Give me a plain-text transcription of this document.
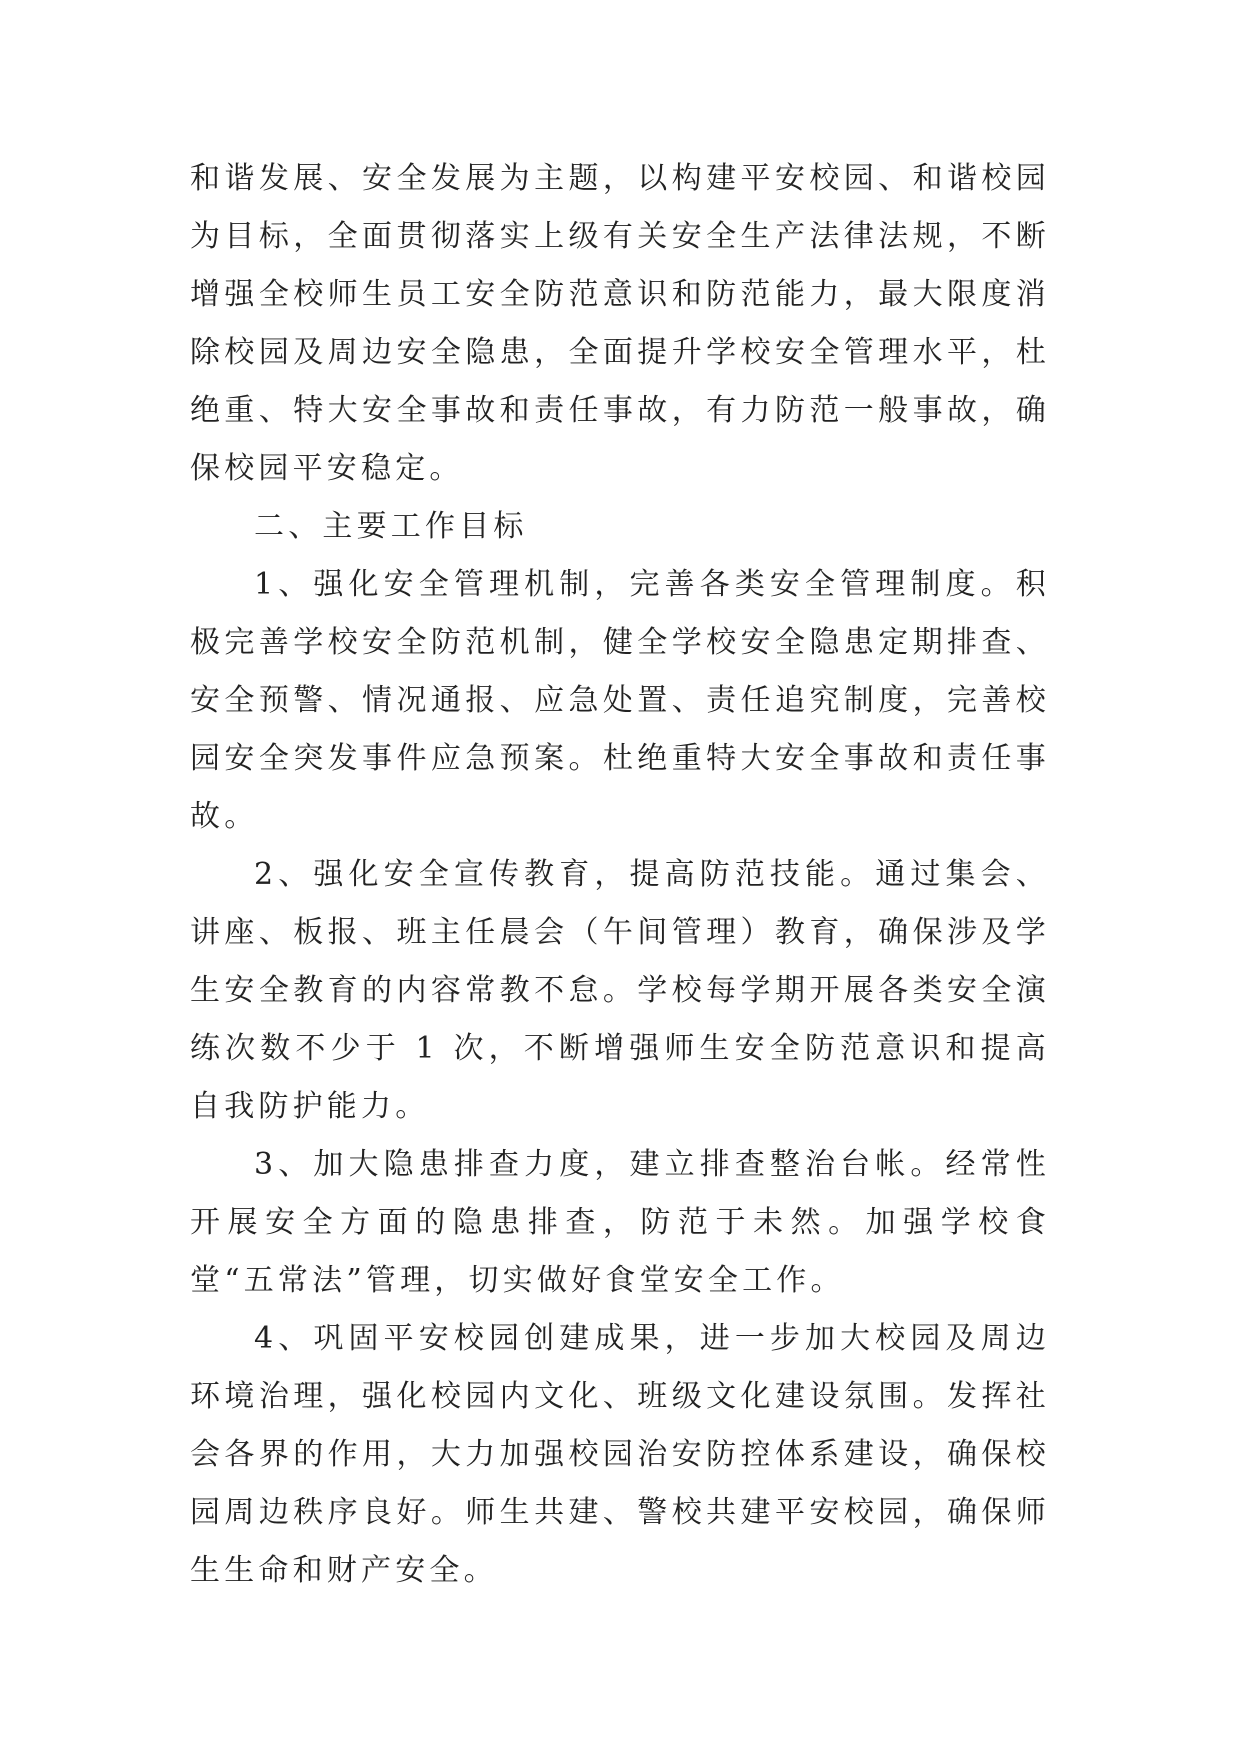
和谐发展、安全发展为主题，以构建平安校园、和谐校园为目标，全面贯彻落实上级有关安全生产法律法规，不断增强全校师生员工安全防范意识和防范能力，最大限度消除校园及周边安全隐患，全面提升学校安全管理水平，杜绝重、特大安全事故和责任事故，有力防范一般事故，确保校园平安稳定。

二、主要工作目标

1、强化安全管理机制，完善各类安全管理制度。积极完善学校安全防范机制，健全学校安全隐患定期排查、安全预警、情况通报、应急处置、责任追究制度，完善校园安全突发事件应急预案。杜绝重特大安全事故和责任事故。

2、强化安全宣传教育，提高防范技能。通过集会、讲座、板报、班主任晨会（午间管理）教育，确保涉及学生安全教育的内容常教不怠。学校每学期开展各类安全演练次数不少于 1 次，不断增强师生安全防范意识和提高自我防护能力。

3、加大隐患排查力度，建立排查整治台帐。经常性开展安全方面的隐患排查，防范于未然。加强学校食堂“五常法”管理，切实做好食堂安全工作。

4、巩固平安校园创建成果，进一步加大校园及周边环境治理，强化校园内文化、班级文化建设氛围。发挥社会各界的作用，大力加强校园治安防控体系建设，确保校园周边秩序良好。师生共建、警校共建平安校园，确保师生生命和财产安全。
